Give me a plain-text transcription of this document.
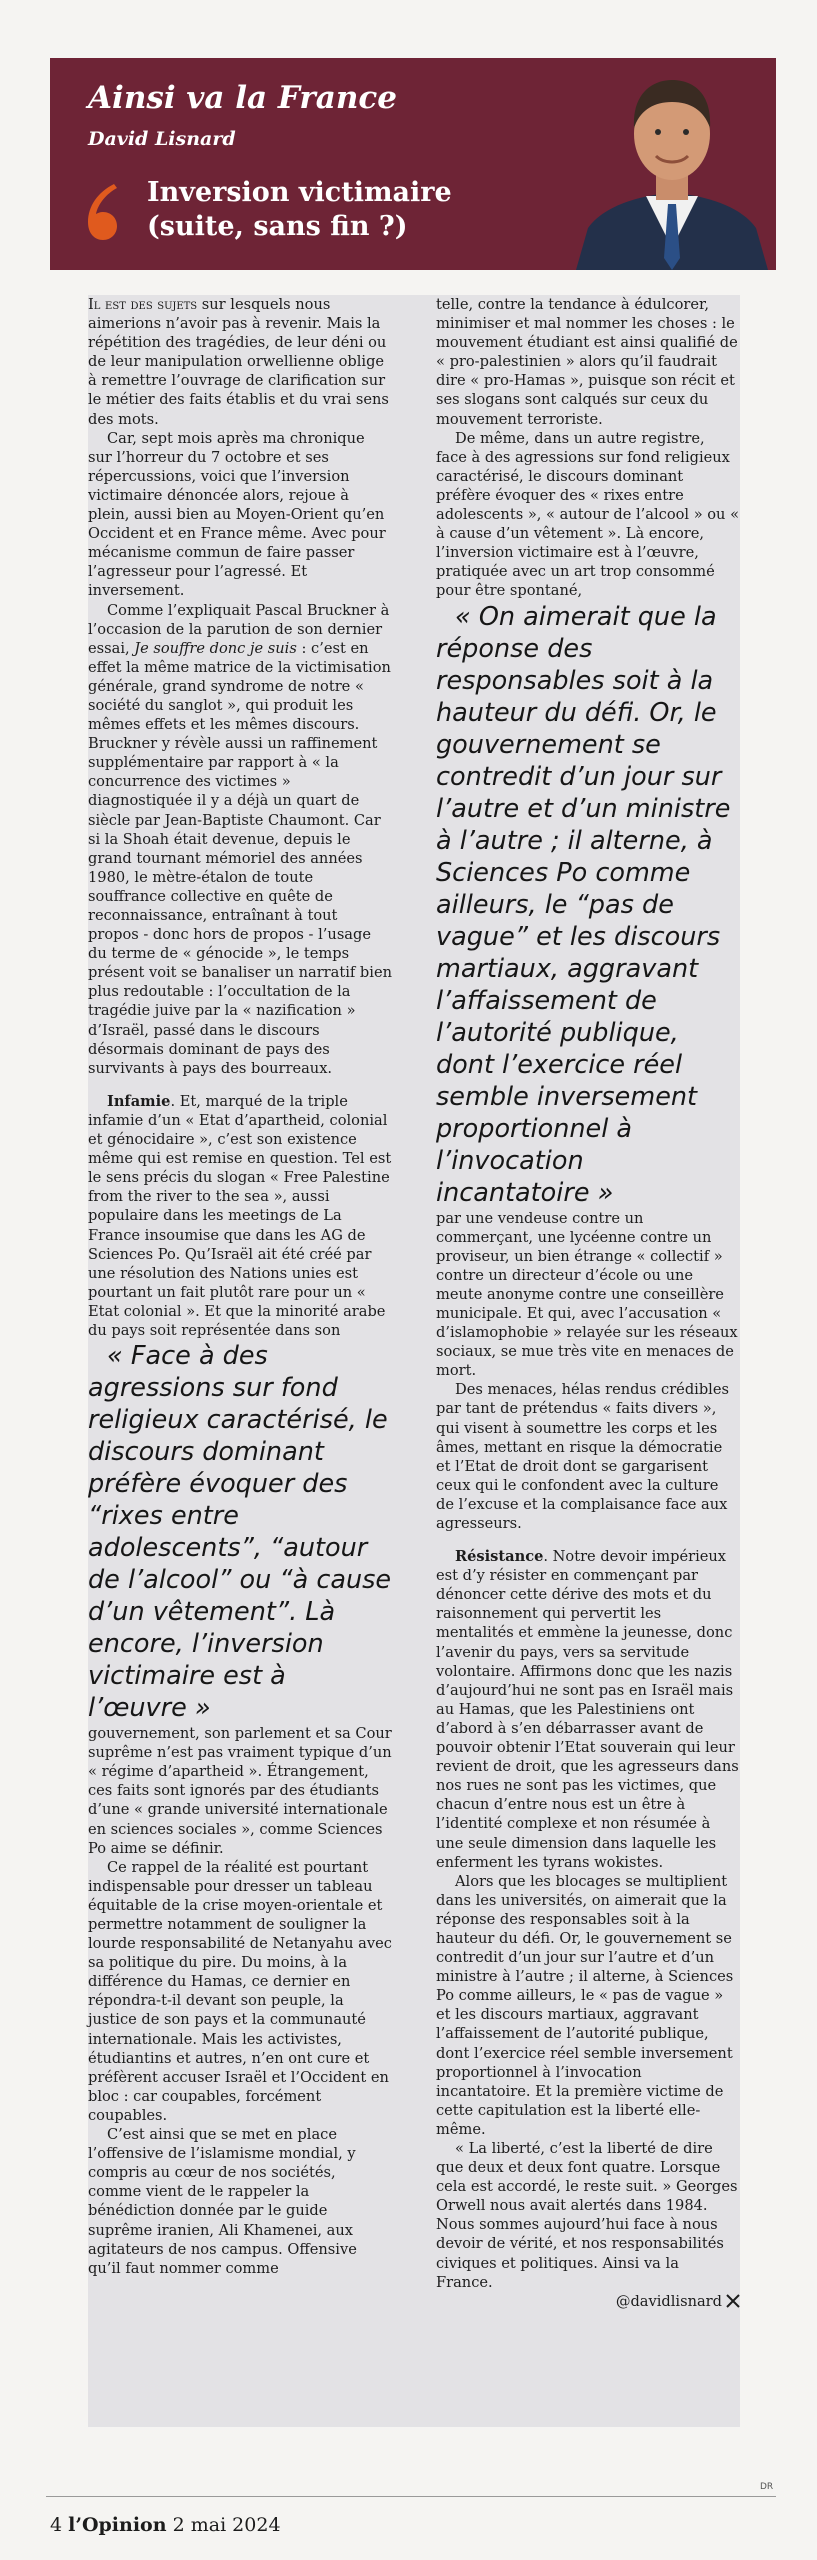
Ainsi va la France

David Lisnard

Inversion victimaire (suite, sans fin ?)

Il est des sujets sur lesquels nous aimerions n’avoir pas à revenir. Mais la répétition des tragédies, de leur déni ou de leur manipulation orwellienne oblige à remettre l’ouvrage de clarification sur le métier des faits établis et du vrai sens des mots.

Car, sept mois après ma chronique sur l’horreur du 7 octobre et ses répercussions, voici que l’inversion victimaire dénoncée alors, rejoue à plein, aussi bien au Moyen-Orient qu’en Occident et en France même. Avec pour mécanisme commun de faire passer l’agresseur pour l’agressé. Et inversement.

Comme l’expliquait Pascal Bruckner à l’occasion de la parution de son dernier essai, Je souffre donc je suis : c’est en effet la même matrice de la victimisation générale, grand syndrome de notre « société du sanglot », qui produit les mêmes effets et les mêmes discours. Bruckner y révèle aussi un raffinement supplémentaire par rapport à « la concurrence des victimes » diagnostiquée il y a déjà un quart de siècle par Jean-Baptiste Chaumont. Car si la Shoah était devenue, depuis le grand tournant mémoriel des années 1980, le mètre-étalon de toute souffrance collective en quête de reconnaissance, entraînant à tout propos - donc hors de propos - l’usage du terme de « génocide », le temps présent voit se banaliser un narratif bien plus redoutable : l’occultation de la tragédie juive par la « nazification » d’Israël, passé dans le discours désormais dominant de pays des survivants à pays des bourreaux.

Infamie. Et, marqué de la triple infamie d’un « Etat d’apartheid, colonial et génocidaire », c’est son existence même qui est remise en question. Tel est le sens précis du slogan « Free Palestine from the river to the sea », aussi populaire dans les meetings de La France insoumise que dans les AG de Sciences Po. Qu’Israël ait été créé par une résolution des Nations unies est pourtant un fait plutôt rare pour un « Etat colonial ». Et que la minorité arabe du pays soit représentée dans son

« Face à des agressions sur fond religieux caractérisé, le discours dominant préfère évoquer des “rixes entre adolescents”, “autour de l’alcool” ou “à cause d’un vêtement”. Là encore, l’inversion victimaire est à l’œuvre »

gouvernement, son parlement et sa Cour suprême n’est pas vraiment typique d’un « régime d’apartheid ». Étrangement, ces faits sont ignorés par des étudiants d’une « grande université internationale en sciences sociales », comme Sciences Po aime se définir.

Ce rappel de la réalité est pourtant indispensable pour dresser un tableau équitable de la crise moyen-orientale et permettre notamment de souligner la lourde responsabilité de Netanyahu avec sa politique du pire. Du moins, à la différence du Hamas, ce dernier en répondra-t-il devant son peuple, la justice de son pays et la communauté internationale. Mais les activistes, étudiantins et autres, n’en ont cure et préfèrent accuser Israël et l’Occident en bloc : car coupables, forcément coupables.

C’est ainsi que se met en place l’offensive de l’islamisme mondial, y compris au cœur de nos sociétés, comme vient de le rappeler la bénédiction donnée par le guide suprême iranien, Ali Khamenei, aux agitateurs de nos campus. Offensive qu’il faut nommer comme

telle, contre la tendance à édulcorer, minimiser et mal nommer les choses : le mouvement étudiant est ainsi qualifié de « pro-palestinien » alors qu’il faudrait dire « pro-Hamas », puisque son récit et ses slogans sont calqués sur ceux du mouvement terroriste.

De même, dans un autre registre, face à des agressions sur fond religieux caractérisé, le discours dominant préfère évoquer des « rixes entre adolescents », « autour de l’alcool » ou « à cause d’un vêtement ». Là encore, l’inversion victimaire est à l’œuvre, pratiquée avec un art trop consommé pour être spontané,

« On aimerait que la réponse des responsables soit à la hauteur du défi. Or, le gouvernement se contredit d’un jour sur l’autre et d’un ministre à l’autre ; il alterne, à Sciences Po comme ailleurs, le “pas de vague” et les discours martiaux, aggravant l’affaissement de l’autorité publique, dont l’exercice réel semble inversement proportionnel à l’invocation incantatoire »

par une vendeuse contre un commerçant, une lycéenne contre un proviseur, un bien étrange « collectif » contre un directeur d’école ou une meute anonyme contre une conseillère municipale. Et qui, avec l’accusation « d’islamophobie » relayée sur les réseaux sociaux, se mue très vite en menaces de mort.

Des menaces, hélas rendus crédibles par tant de prétendus « faits divers », qui visent à soumettre les corps et les âmes, mettant en risque la démocratie et l’Etat de droit dont se gargarisent ceux qui le confondent avec la culture de l’excuse et la complaisance face aux agresseurs.

Résistance. Notre devoir impérieux est d’y résister en commençant par dénoncer cette dérive des mots et du raisonnement qui pervertit les mentalités et emmène la jeunesse, donc l’avenir du pays, vers sa servitude volontaire. Affirmons donc que les nazis d’aujourd’hui ne sont pas en Israël mais au Hamas, que les Palestiniens ont d’abord à s’en débarrasser avant de pouvoir obtenir l’Etat souverain qui leur revient de droit, que les agresseurs dans nos rues ne sont pas les victimes, que chacun d’entre nous est un être à l’identité complexe et non résumée à une seule dimension dans laquelle les enferment les tyrans wokistes.

Alors que les blocages se multiplient dans les universités, on aimerait que la réponse des responsables soit à la hauteur du défi. Or, le gouvernement se contredit d’un jour sur l’autre et d’un ministre à l’autre ; il alterne, à Sciences Po comme ailleurs, le « pas de vague » et les discours martiaux, aggravant l’affaissement de l’autorité publique, dont l’exercice réel semble inversement proportionnel à l’invocation incantatoire. Et la première victime de cette capitulation est la liberté elle-même.

« La liberté, c’est la liberté de dire que deux et deux font quatre. Lorsque cela est accordé, le reste suit. » Georges Orwell nous avait alertés dans 1984. Nous sommes aujourd’hui face à nous devoir de vérité, et nos responsabilités civiques et politiques. Ainsi va la France.

@davidlisnard

DR

4 l’Opinion 2 mai 2024
